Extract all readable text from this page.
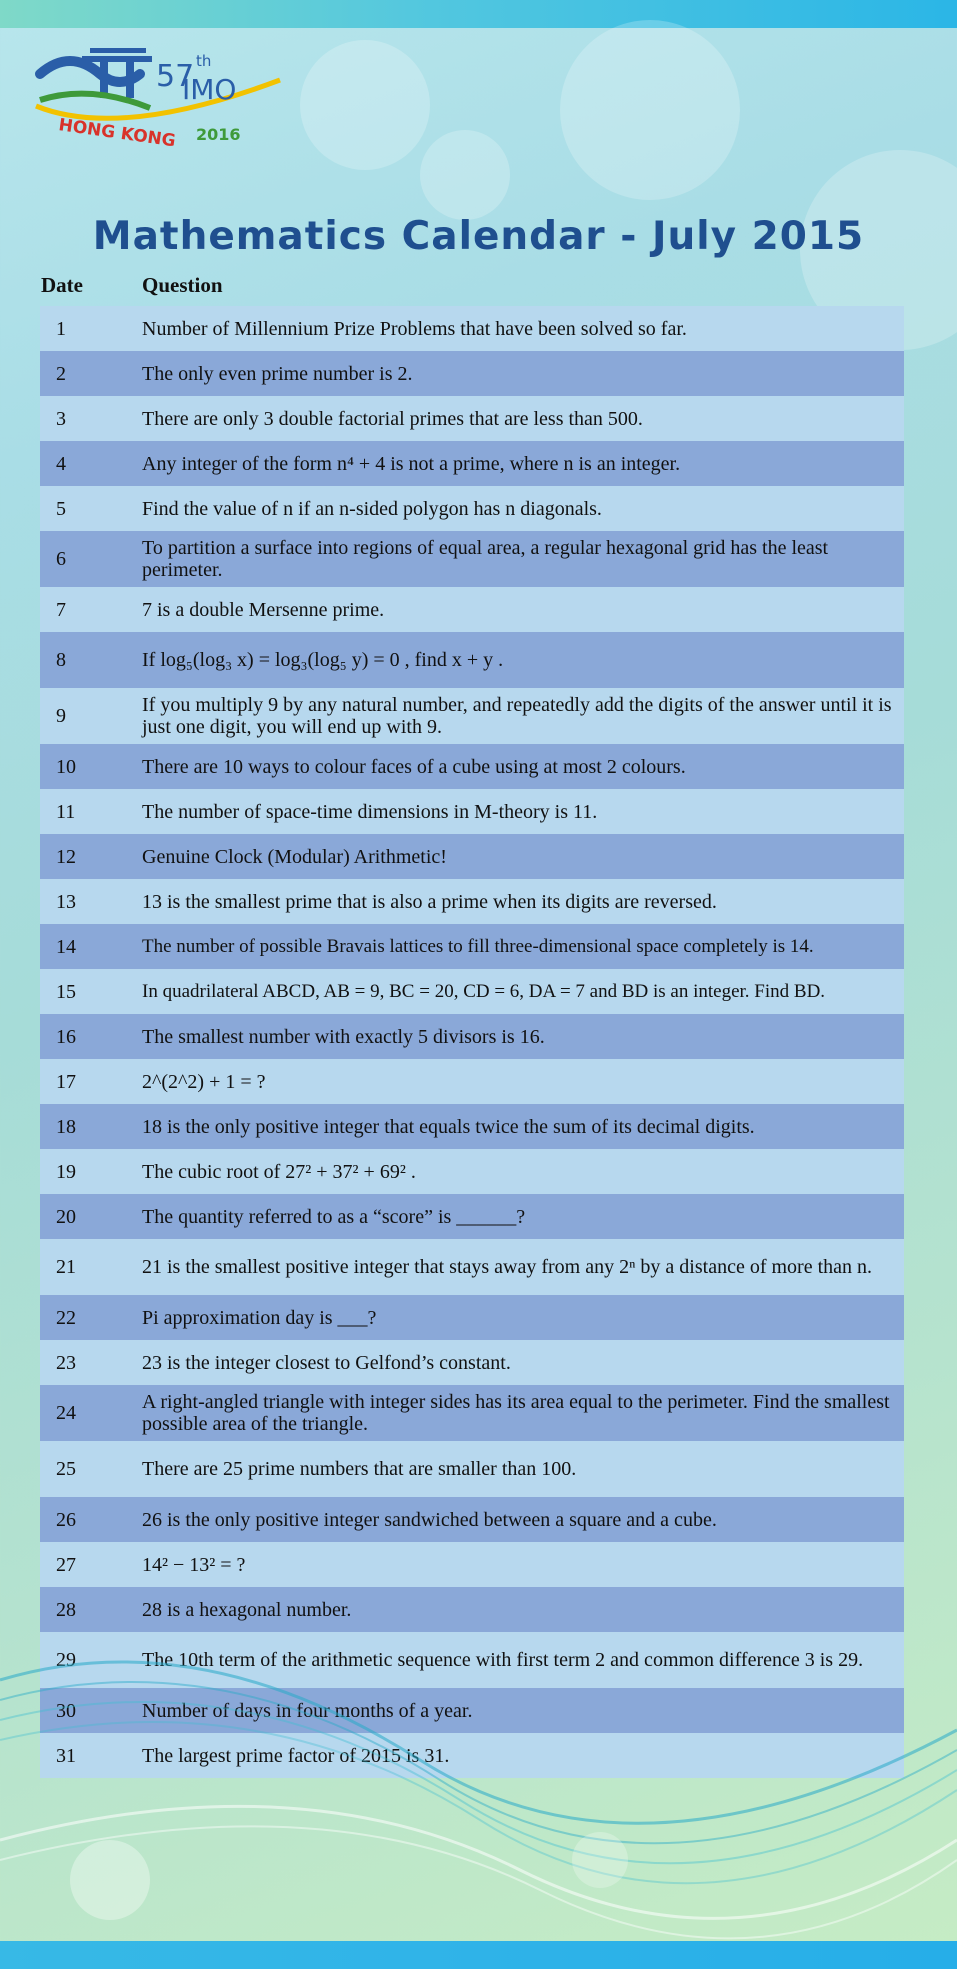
57 th
IMO
HONG KONG 2016
Mathematics Calendar - July 2015
Date	Question
1	Number of Millennium Prize Problems that have been solved so far.
2	The only even prime number is 2.
3	There are only 3 double factorial primes that are less than 500.
4	Any integer of the form n⁴ + 4 is not a prime, where n is an integer.
5	Find the value of n if an n-sided polygon has n diagonals.
6	To partition a surface into regions of equal area, a regular hexagonal grid has the least perimeter.
7	7 is a double Mersenne prime.
8	If log₅(log₃ x) = log₃(log₅ y) = 0 , find x + y .
9	If you multiply 9 by any natural number, and repeatedly add the digits of the answer until it is just one digit, you will end up with 9.
10	There are 10 ways to colour faces of a cube using at most 2 colours.
11	The number of space-time dimensions in M-theory is 11.
12	Genuine Clock (Modular) Arithmetic!
13	13 is the smallest prime that is also a prime when its digits are reversed.
14	The number of possible Bravais lattices to fill three-dimensional space completely is 14.
15	In quadrilateral ABCD, AB = 9, BC = 20, CD = 6, DA = 7 and BD is an integer. Find BD.
16	The smallest number with exactly 5 divisors is 16.
17	2^(2^2) + 1 = ?
18	18 is the only positive integer that equals twice the sum of its decimal digits.
19	The cubic root of 27² + 37² + 69² .
20	The quantity referred to as a “score” is ______?
21	21 is the smallest positive integer that stays away from any 2ⁿ by a distance of more than n.
22	Pi approximation day is ___?
23	23 is the integer closest to Gelfond’s constant.
24	A right-angled triangle with integer sides has its area equal to the perimeter. Find the smallest possible area of the triangle.
25	There are 25 prime numbers that are smaller than 100.
26	26 is the only positive integer sandwiched between a square and a cube.
27	14² − 13² = ?
28	28 is a hexagonal number.
29	The 10th term of the arithmetic sequence with first term 2 and common difference 3 is 29.
30	Number of days in four months of a year.
31	The largest prime factor of 2015 is 31.
